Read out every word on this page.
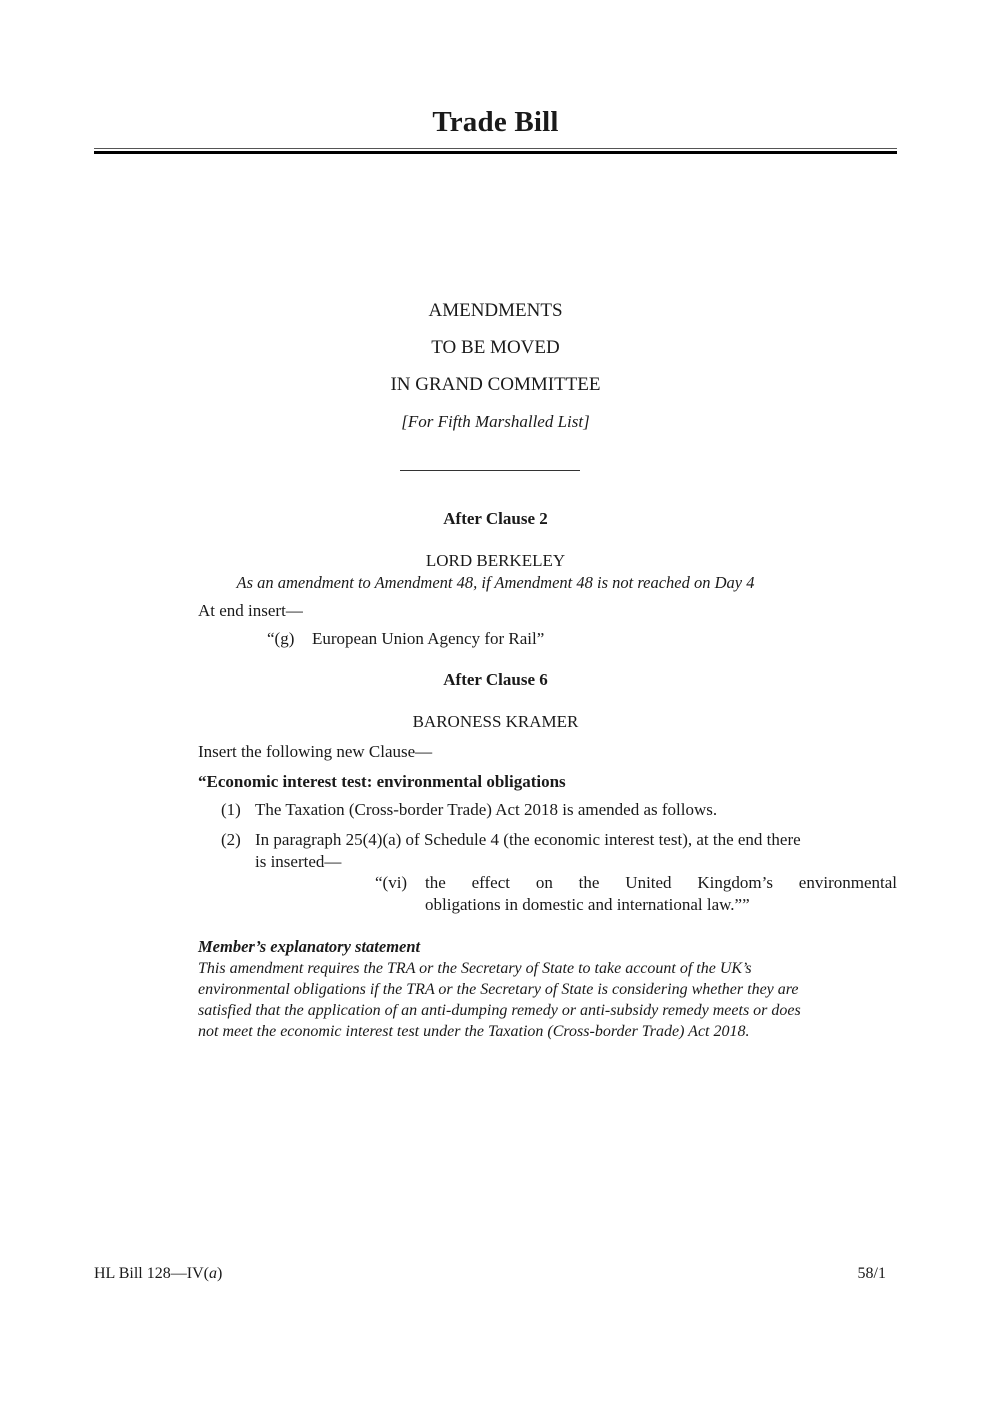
Trade Bill
AMENDMENTS
TO BE MOVED
IN GRAND COMMITTEE
[For Fifth Marshalled List]
After Clause 2
LORD BERKELEY
As an amendment to Amendment 48, if Amendment 48 is not reached on Day 4
At end insert—
“(g) European Union Agency for Rail”
After Clause 6
BARONESS KRAMER
Insert the following new Clause—
“Economic interest test: environmental obligations
(1) The Taxation (Cross-border Trade) Act 2018 is amended as follows.
(2) In paragraph 25(4)(a) of Schedule 4 (the economic interest test), at the end there
is inserted—
“(vi) the effect on the United Kingdom’s environmental
obligations in domestic and international law.””
Member’s explanatory statement
This amendment requires the TRA or the Secretary of State to take account of the UK’s
environmental obligations if the TRA or the Secretary of State is considering whether they are
satisfied that the application of an anti-dumping remedy or anti-subsidy remedy meets or does
not meet the economic interest test under the Taxation (Cross-border Trade) Act 2018.
HL Bill 128—IV(a)	58/1
